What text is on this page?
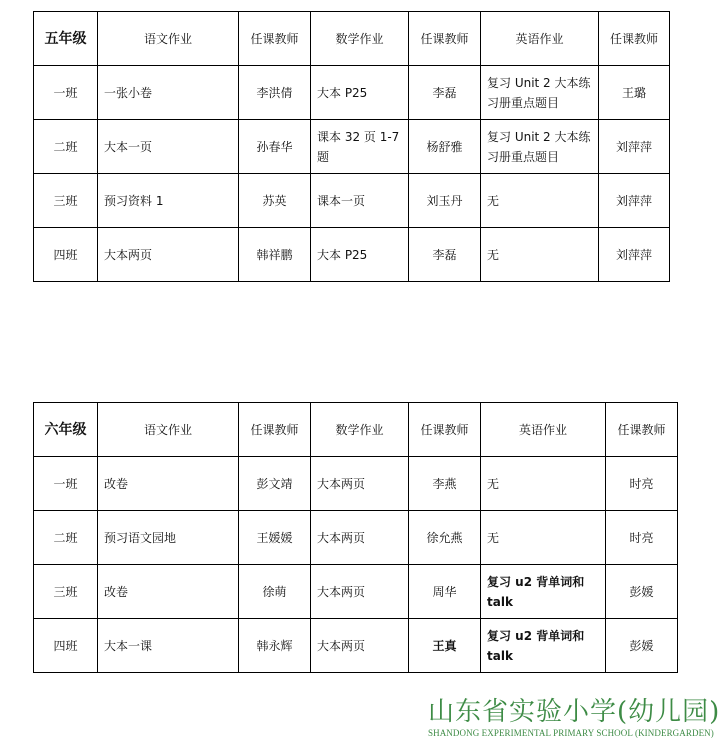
五年级	语文作业	任课教师	数学作业	任课教师	英语作业	任课教师
一班	一张小卷	李洪倩	大本 P25	李磊	复习 Unit 2 大本练习册重点题目	王璐
二班	大本一页	孙春华	课本 32 页 1-7 题	杨舒雅	复习 Unit 2 大本练习册重点题目	刘萍萍
三班	预习资料 1	苏英	课本一页	刘玉丹	无	刘萍萍
四班	大本两页	韩祥鹏	大本 P25	李磊	无	刘萍萍
六年级	语文作业	任课教师	数学作业	任课教师	英语作业	任课教师
一班	改卷	彭文靖	大本两页	李燕	无	时亮
二班	预习语文园地	王媛媛	大本两页	徐允燕	无	时亮
三班	改卷	徐萌	大本两页	周华	复习 u2 背单词和 talk	彭媛
四班	大本一课	韩永辉	大本两页	王真	复习 u2 背单词和 talk	彭媛
山东省实验小学(幼儿园)
SHANDONG EXPERIMENTAL PRIMARY SCHOOL (KINDERGARDEN)
